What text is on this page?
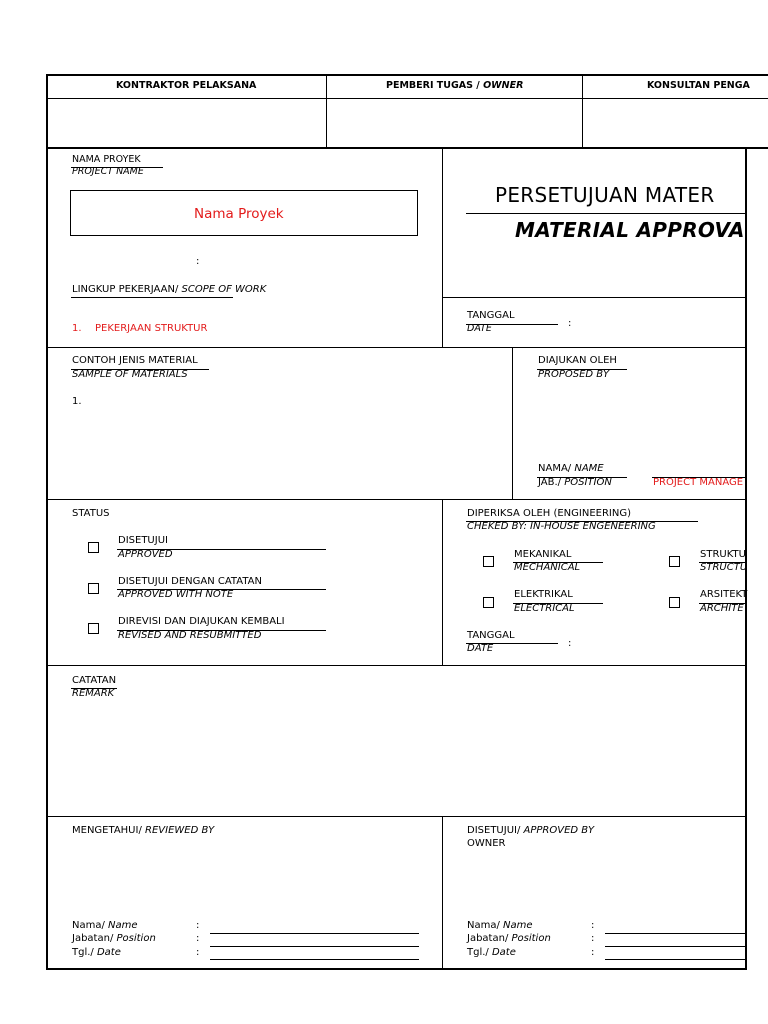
KONTRAKTOR PELAKSANA	PEMBERI TUGAS / OWNER	KONSULTAN PENGA
NAMA PROYEK
PROJECT NAME
Nama Proyek
:
LINGKUP PEKERJAAN/ SCOPE OF WORK
1. PEKERJAAN STRUKTUR
PERSETUJUAN MATER
MATERIAL APPROVA
TANGGAL
DATE	:
CONTOH JENIS MATERIAL
SAMPLE OF MATERIALS
1.
DIAJUKAN OLEH
PROPOSED BY
NAMA/ NAME
JAB./ POSITION	PROJECT MANAGE
STATUS
DISETUJUI
APPROVED
DISETUJUI DENGAN CATATAN
APPROVED WITH NOTE
DIREVISI DAN DIAJUKAN KEMBALI
REVISED AND RESUBMITTED
DIPERIKSA OLEH (ENGINEERING)
CHEKED BY: IN-HOUSE ENGENEERING
MEKANIKAL
MECHANICAL
ELEKTRIKAL
ELECTRICAL
STRUKTU
STRUCTU
ARSITEKT
ARCHITE
TANGGAL
DATE	:
CATATAN
REMARK
MENGETAHUI/ REVIEWED BY
Nama/ Name	:
Jabatan/ Position	:
Tgl./ Date	:
DISETUJUI/ APPROVED BY
OWNER
Nama/ Name	:
Jabatan/ Position	:
Tgl./ Date	:
